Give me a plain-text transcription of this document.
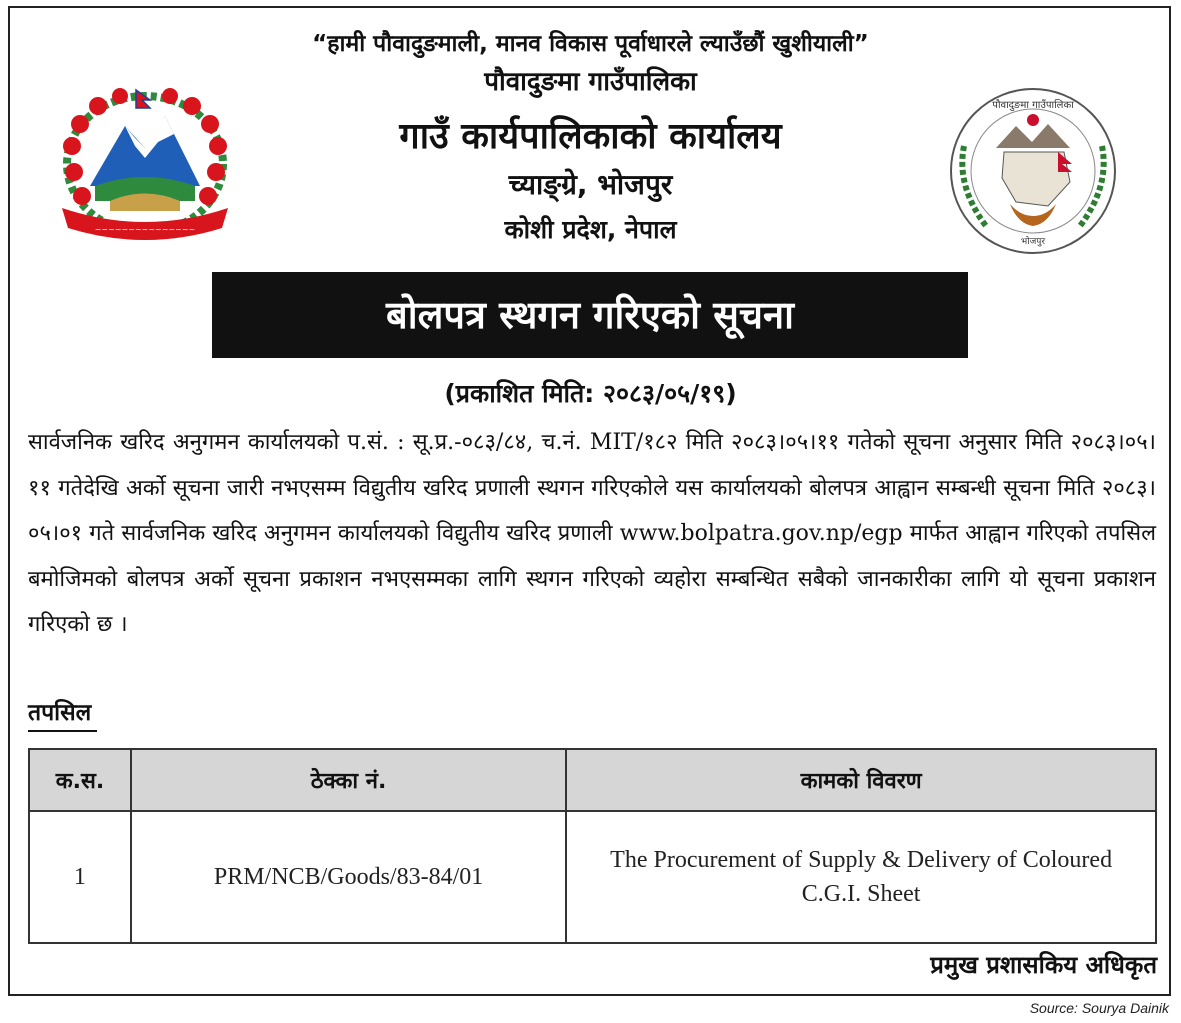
“हामी पौवादुङमाली, मानव विकास पूर्वाधारले ल्याउँछौं खुशीयाली”
पौवादुङमा गाउँपालिका
गाउँ कार्यपालिकाको कार्यालय
च्याङ्ग्रे, भोजपुर
कोशी प्रदेश, नेपाल
~~~~~~~~~~~~~~~
पौवादुङमा गाउँपालिका
भोजपुर
बोलपत्र स्थगन गरिएको सूचना
(प्रकाशित मिति: २०८३/०५/१९)
सार्वजनिक खरिद अनुगमन कार्यालयको प.सं. : सू.प्र.-०८३/८४, च.नं. MIT/१८२ मिति २०८३।०५।११ गतेको सूचना अनुसार मिति २०८३।०५।११ गतेदेखि अर्को सूचना जारी नभएसम्म विद्युतीय खरिद प्रणाली स्थगन गरिएकोले यस कार्यालयको बोलपत्र आह्वान सम्बन्धी सूचना मिति २०८३।०५।०१ गते सार्वजनिक खरिद अनुगमन कार्यालयको विद्युतीय खरिद प्रणाली www.bolpatra.gov.np/egp मार्फत आह्वान गरिएको तपसिल बमोजिमको बोलपत्र अर्को सूचना प्रकाशन नभएसम्मका लागि स्थगन गरिएको व्यहोरा सम्बन्धित सबैको जानकारीका लागि यो सूचना प्रकाशन गरिएको छ ।
तपसिल
क.स.	ठेक्का नं.	कामको विवरण
1	PRM/NCB/Goods/83-84/01	The Procurement of Supply & Delivery of Coloured
C.G.I. Sheet
प्रमुख प्रशासकिय अधिकृत
Source: Sourya Dainik
